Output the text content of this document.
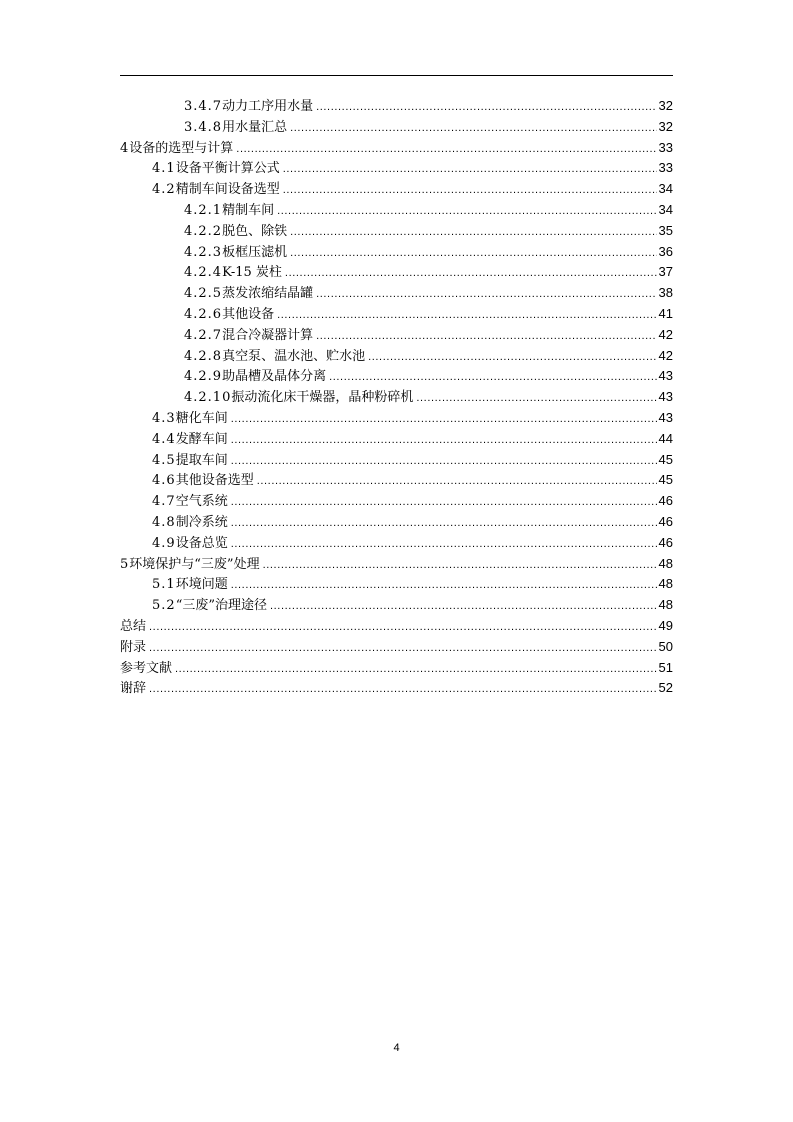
3.4.7 动力工序用水量 .....	32
3.4.8 用水量汇总 .....	32
4 设备的选型与计算 .....	33
4.1 设备平衡计算公式 .....	33
4.2 精制车间设备选型 .....	34
4.2.1 精制车间 .....	34
4.2.2 脱色、除铁 .....	35
4.2.3 板框压滤机 .....	36
4.2.4 K-15 炭柱 .....	37
4.2.5 蒸发浓缩结晶罐 .....	38
4.2.6 其他设备 .....	41
4.2.7 混合冷凝器计算 .....	42
4.2.8 真空泵、温水池、贮水池 .....	42
4.2.9 助晶槽及晶体分离 .....	43
4.2.10 振动流化床干燥器，晶种粉碎机 .....	43
4.3 糖化车间 .....	43
4.4 发酵车间 .....	44
4.5 提取车间 .....	45
4.6 其他设备选型 .....	45
4.7 空气系统 .....	46
4.8 制冷系统 .....	46
4.9 设备总览 .....	46
5 环境保护与“三废”处理 .....	48
5.1 环境问题 .....	48
5.2 “三废”治理途径 .....	48
总结 .....	49
附录 .....	50
参考文献 .....	51
谢辞 .....	52
4
